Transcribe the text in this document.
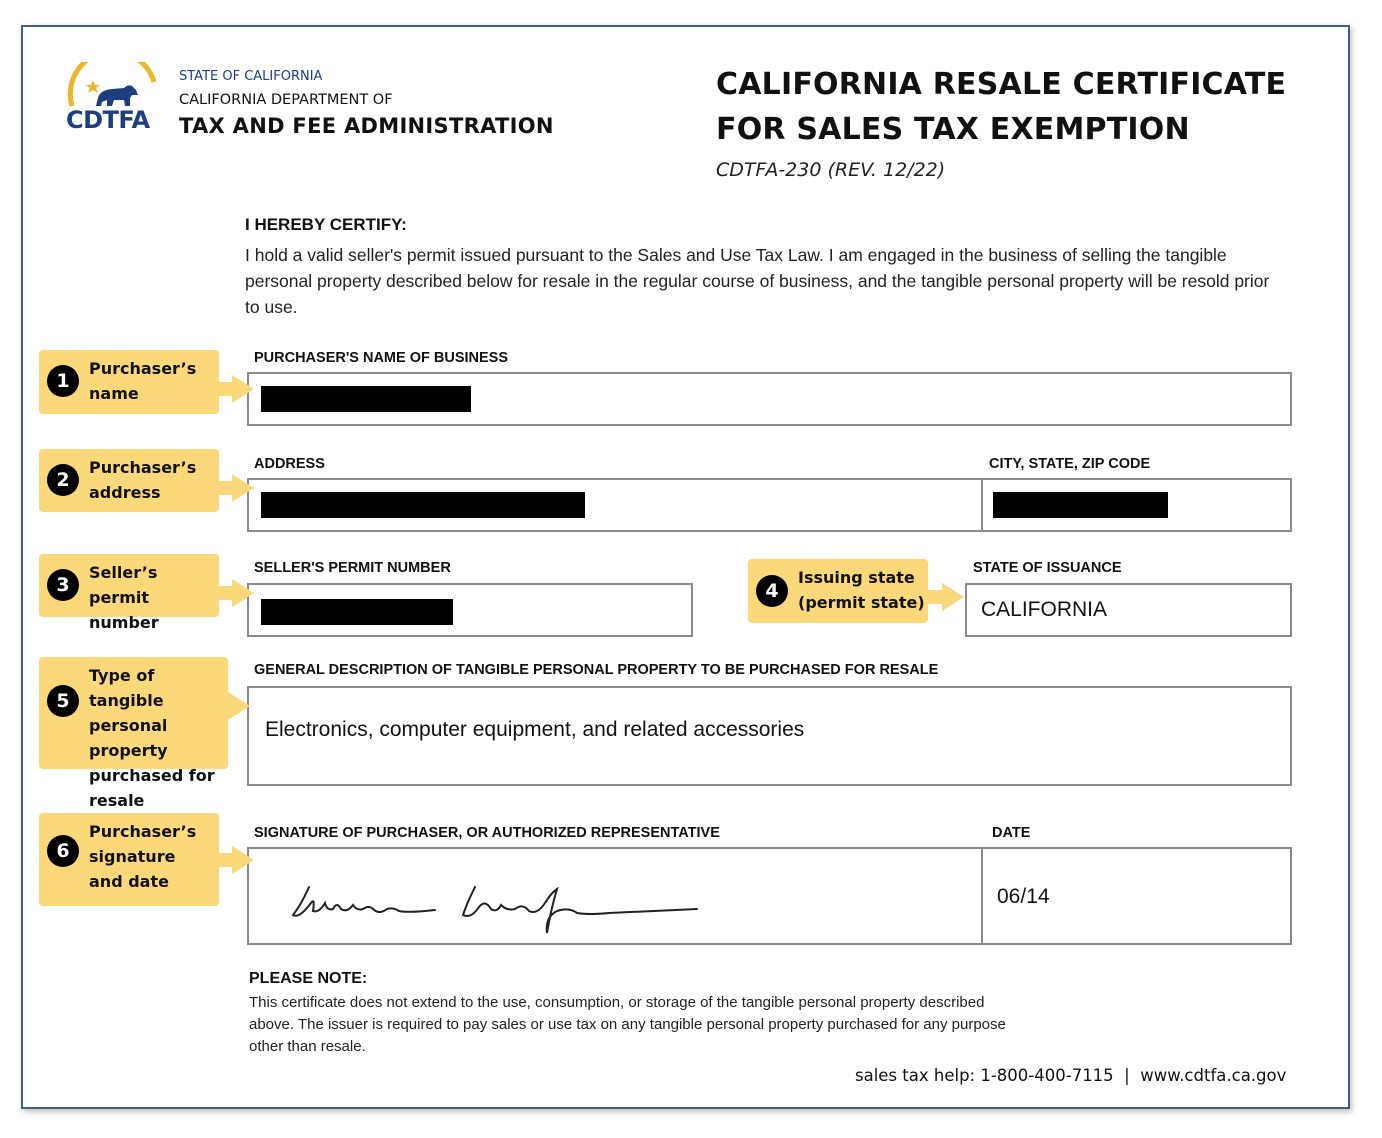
CDTFA
STATE OF CALIFORNIA
CALIFORNIA DEPARTMENT OF
TAX AND FEE ADMINISTRATION
CALIFORNIA RESALE CERTIFICATE
FOR SALES TAX EXEMPTION
CDTFA-230 (REV. 12/22)
I HEREBY CERTIFY:
I hold a valid seller's permit issued pursuant to the Sales and Use Tax Law. I am engaged in the business of selling the tangible personal property described below for resale in the regular course of business, and the tangible personal property will be resold prior to use.
PURCHASER'S NAME OF BUSINESS
ADDRESS	CITY, STATE, ZIP CODE
SELLER'S PERMIT NUMBER	STATE OF ISSUANCE
CALIFORNIA
GENERAL DESCRIPTION OF TANGIBLE PERSONAL PROPERTY TO BE PURCHASED FOR RESALE
Electronics, computer equipment, and related accessories
SIGNATURE OF PURCHASER, OR AUTHORIZED REPRESENTATIVE	DATE
06/14
1
Purchaser’s
name
2
Purchaser’s
address
3
Seller’s permit
number
4
Issuing state
(permit state)
5
Type of tangible
personal property
purchased for
resale
6
Purchaser’s
signature
and date
PLEASE NOTE:
This certificate does not extend to the use, consumption, or storage of the tangible personal property described above. The issuer is required to pay sales or use tax on any tangible personal property purchased for any purpose other than resale.
sales tax help: 1-800-400-7115  |  www.cdtfa.ca.gov
